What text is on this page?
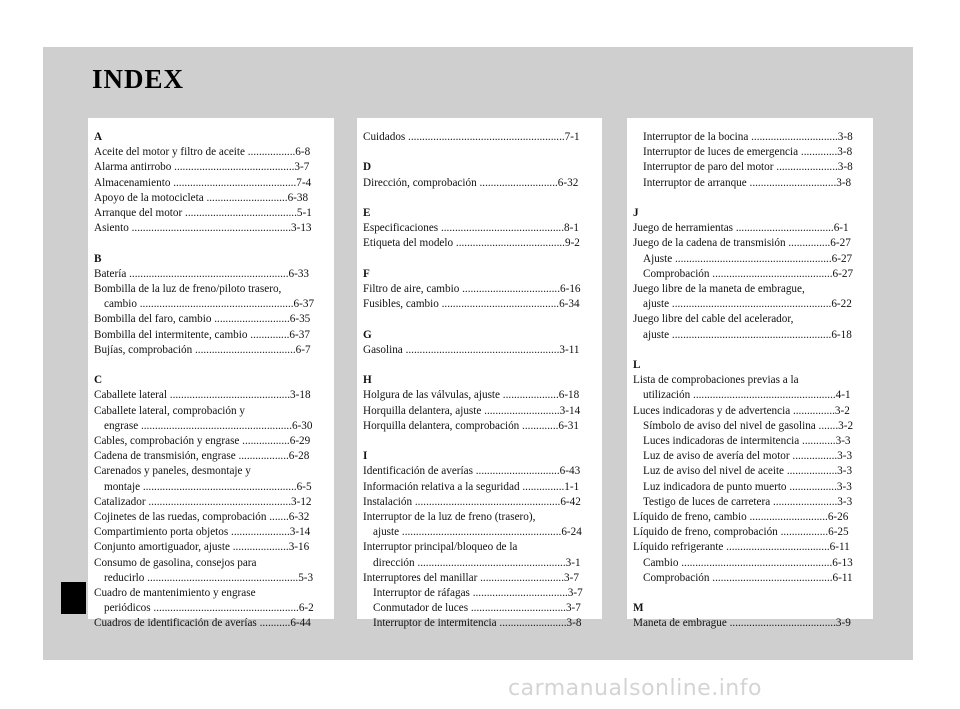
INDEX
A
Aceite del motor y filtro de aceite .................6-8
Alarma antirrobo ...........................................3-7
Almacenamiento ............................................7-4
Apoyo de la motocicleta .............................6-38
Arranque del motor ........................................5-1
Asiento .........................................................3-13
B
Batería .........................................................6-33
Bombilla de la luz de freno/piloto trasero,
cambio .......................................................6-37
Bombilla del faro, cambio ...........................6-35
Bombilla del intermitente, cambio ..............6-37
Bujías, comprobación ....................................6-7
C
Caballete lateral ...........................................3-18
Caballete lateral, comprobación y
engrase ......................................................6-30
Cables, comprobación y engrase .................6-29
Cadena de transmisión, engrase ..................6-28
Carenados y paneles, desmontaje y
montaje .......................................................6-5
Catalizador ...................................................3-12
Cojinetes de las ruedas, comprobación .......6-32
Compartimiento porta objetos .....................3-14
Conjunto amortiguador, ajuste ....................3-16
Consumo de gasolina, consejos para
reducirlo ......................................................5-3
Cuadro de mantenimiento y engrase
periódicos ....................................................6-2
Cuadros de identificación de averías ...........6-44
Cuidados ........................................................7-1
D
Dirección, comprobación ............................6-32
E
Especificaciones ............................................8-1
Etiqueta del modelo .......................................9-2
F
Filtro de aire, cambio ...................................6-16
Fusibles, cambio ..........................................6-34
G
Gasolina .......................................................3-11
H
Holgura de las válvulas, ajuste ....................6-18
Horquilla delantera, ajuste ...........................3-14
Horquilla delantera, comprobación .............6-31
I
Identificación de averías ..............................6-43
Información relativa a la seguridad ...............1-1
Instalación ....................................................6-42
Interruptor de la luz de freno (trasero),
ajuste .........................................................6-24
Interruptor principal/bloqueo de la
dirección .....................................................3-1
Interruptores del manillar ..............................3-7
Interruptor de ráfagas ..................................3-7
Conmutador de luces ..................................3-7
Interruptor de intermitencia ........................3-8
Interruptor de la bocina ...............................3-8
Interruptor de luces de emergencia .............3-8
Interruptor de paro del motor ......................3-8
Interruptor de arranque ...............................3-8
J
Juego de herramientas ...................................6-1
Juego de la cadena de transmisión ...............6-27
Ajuste ........................................................6-27
Comprobación ...........................................6-27
Juego libre de la maneta de embrague,
ajuste .........................................................6-22
Juego libre del cable del acelerador,
ajuste .........................................................6-18
L
Lista de comprobaciones previas a la
utilización ...................................................4-1
Luces indicadoras y de advertencia ...............3-2
Símbolo de aviso del nivel de gasolina .......3-2
Luces indicadoras de intermitencia ............3-3
Luz de aviso de avería del motor ................3-3
Luz de aviso del nivel de aceite ..................3-3
Luz indicadora de punto muerto .................3-3
Testigo de luces de carretera .......................3-3
Líquido de freno, cambio ............................6-26
Líquido de freno, comprobación .................6-25
Líquido refrigerante .....................................6-11
Cambio ......................................................6-13
Comprobación ...........................................6-11
M
Maneta de embrague ......................................3-9
carmanualsonline.info
